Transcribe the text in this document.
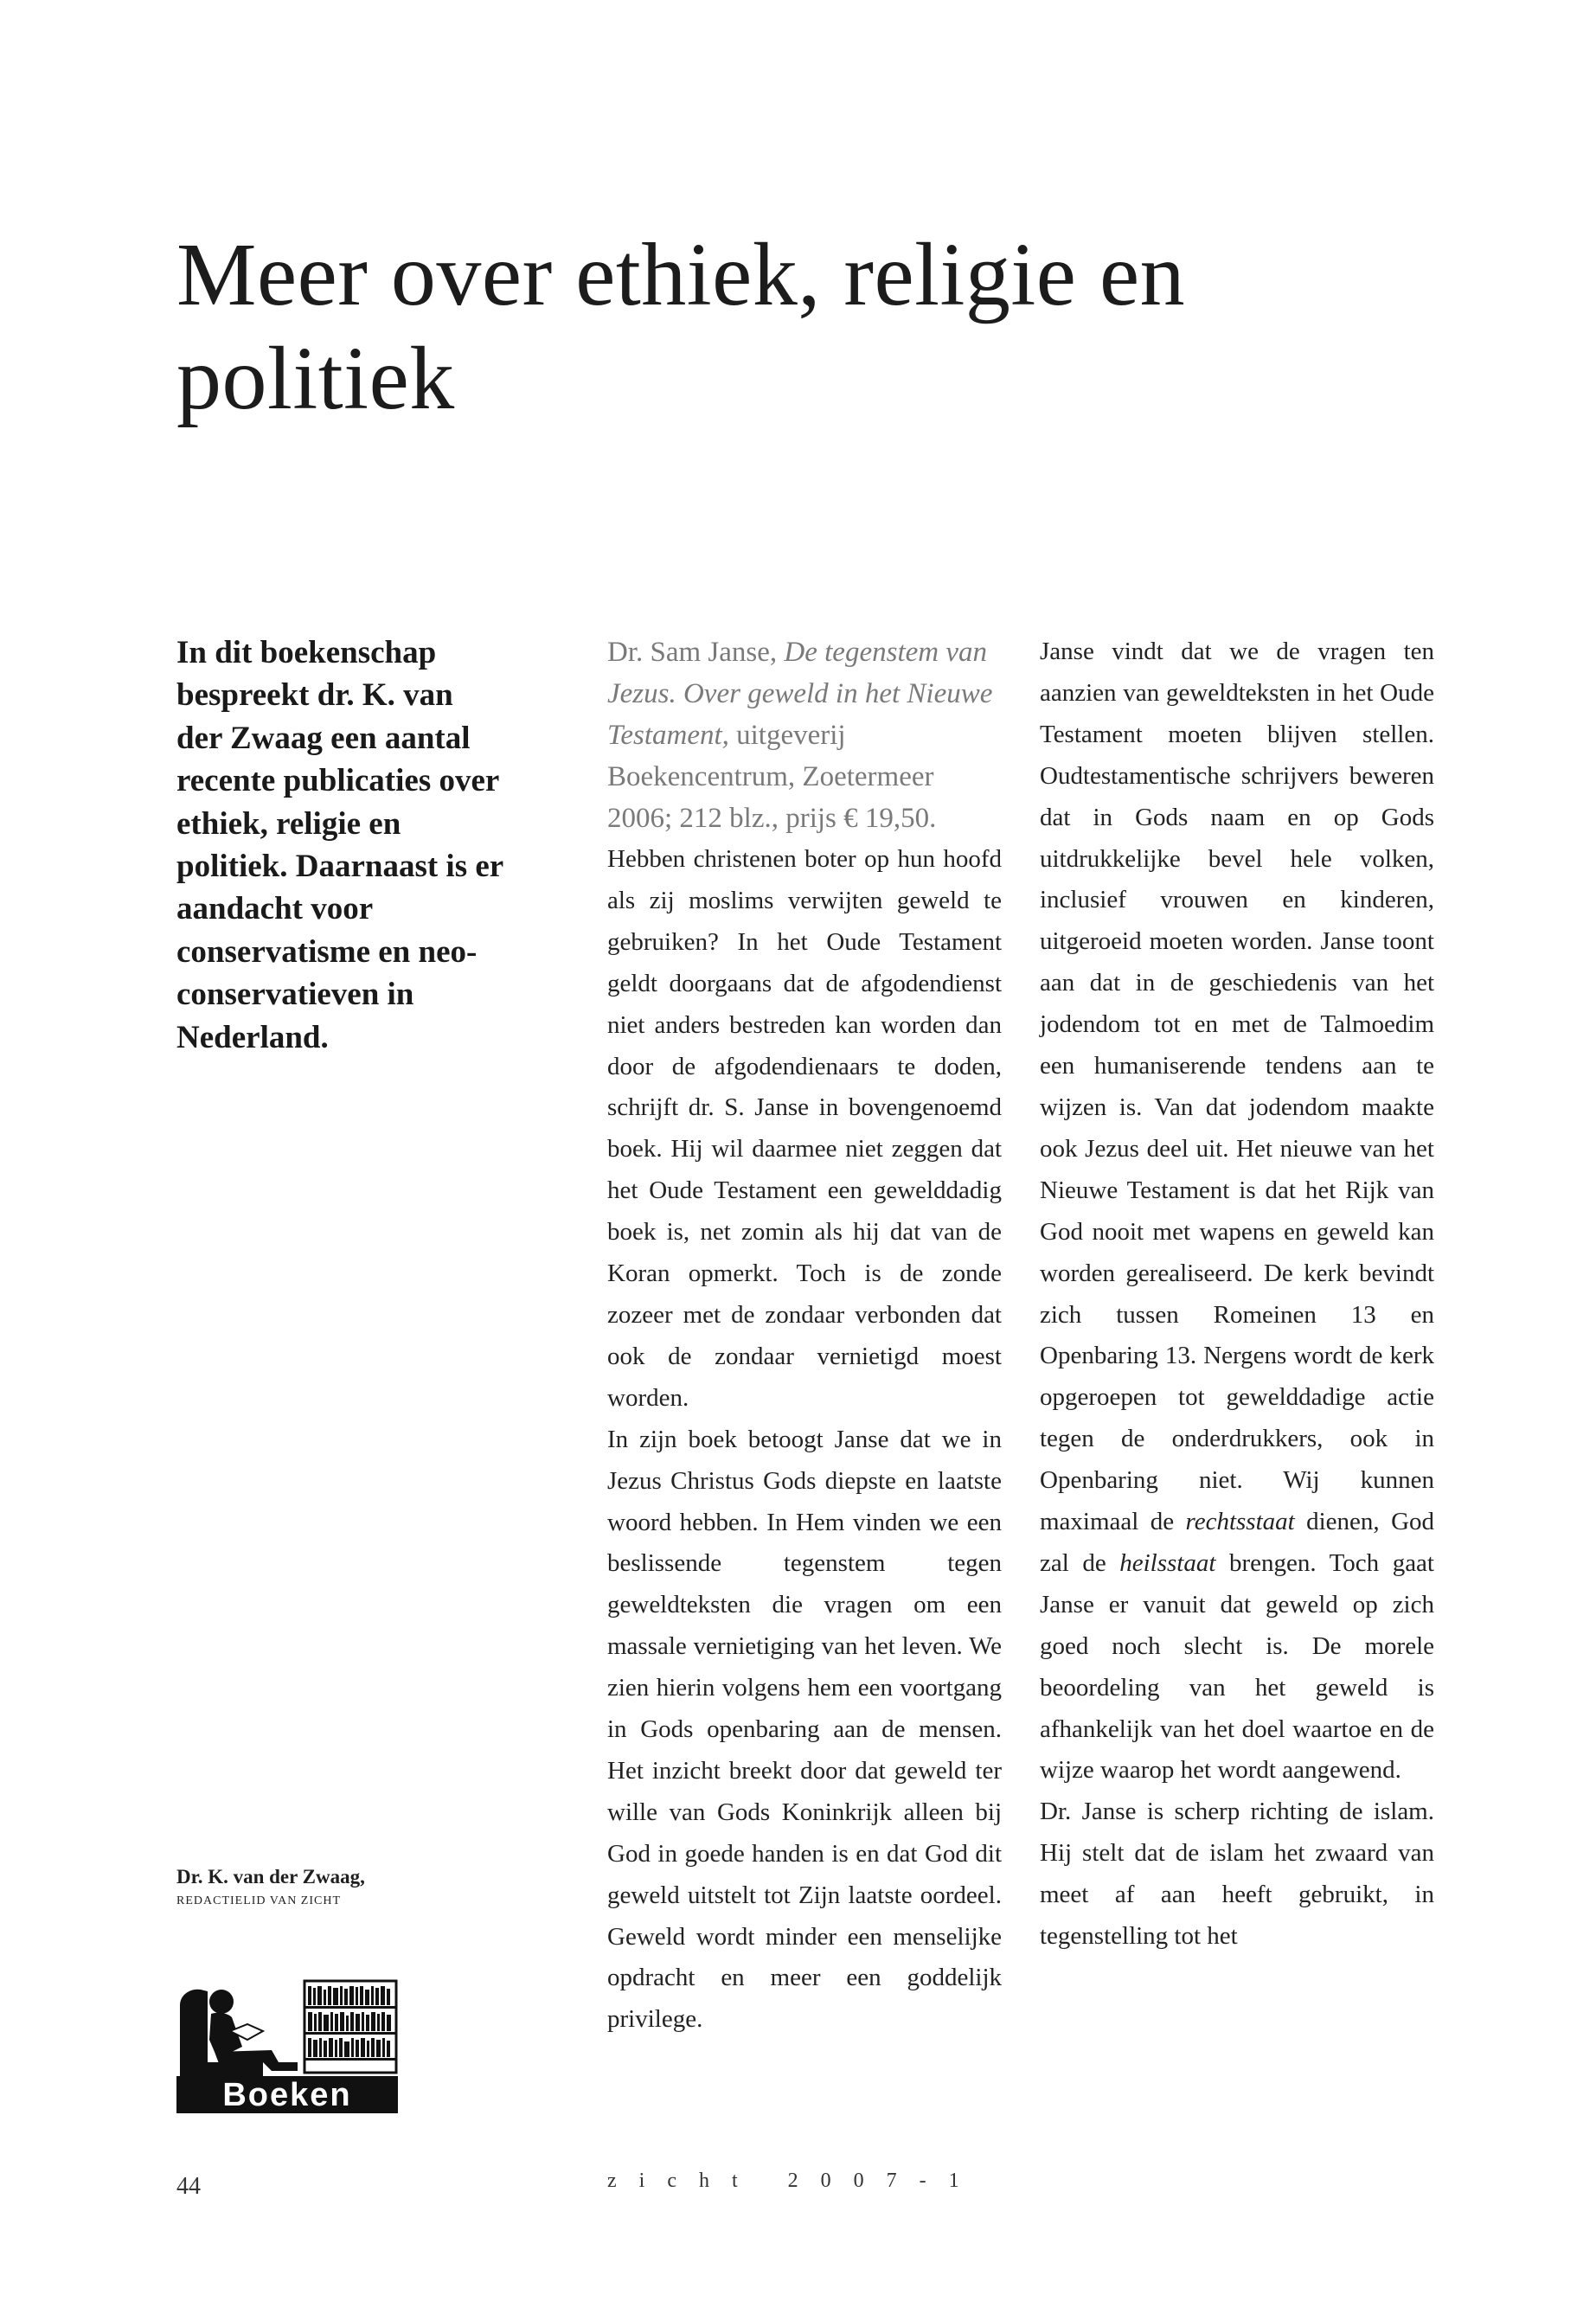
Meer over ethiek, religie en politiek
In dit boekenschap bespreekt dr. K. van der Zwaag een aantal recente publicaties over ethiek, religie en politiek. Daarnaast is er aandacht voor conservatisme en neo-conservatieven in Nederland.
Dr. K. van der Zwaag,
REDACTIELID VAN ZICHT
Boeken

Dr. Sam Janse, De tegenstem van Jezus. Over geweld in het Nieuwe Testament, uitgeverij Boekencentrum, Zoetermeer 2006; 212 blz., prijs € 19,50.

Hebben christenen boter op hun hoofd als zij moslims verwijten geweld te gebruiken? In het Oude Testament geldt doorgaans dat de afgodendienst niet anders bestreden kan worden dan door de afgodendienaars te doden, schrijft dr. S. Janse in bovengenoemd boek. Hij wil daarmee niet zeggen dat het Oude Testament een gewelddadig boek is, net zomin als hij dat van de Koran opmerkt. Toch is de zonde zozeer met de zondaar verbonden dat ook de zondaar vernietigd moest worden.

In zijn boek betoogt Janse dat we in Jezus Christus Gods diepste en laatste woord hebben. In Hem vinden we een beslissende tegenstem tegen geweldteksten die vragen om een massale vernietiging van het leven. We zien hierin volgens hem een voortgang in Gods openbaring aan de mensen. Het inzicht breekt door dat geweld ter wille van Gods Koninkrijk alleen bij God in goede handen is en dat God dit geweld uitstelt tot Zijn laatste oordeel. Geweld wordt minder een menselijke opdracht en meer een goddelijk privilege.

Janse vindt dat we de vragen ten aanzien van geweldteksten in het Oude Testament moeten blijven stellen. Oudtestamentische schrijvers beweren dat in Gods naam en op Gods uitdrukkelijke bevel hele volken, inclusief vrouwen en kinderen, uitgeroeid moeten worden. Janse toont aan dat in de geschiedenis van het jodendom tot en met de Talmoedim een humaniserende tendens aan te wijzen is. Van dat jodendom maakte ook Jezus deel uit. Het nieuwe van het Nieuwe Testament is dat het Rijk van God nooit met wapens en geweld kan worden gerealiseerd. De kerk bevindt zich tussen Romeinen 13 en Openbaring 13. Nergens wordt de kerk opgeroepen tot gewelddadige actie tegen de onderdrukkers, ook in Openbaring niet. Wij kunnen maximaal de rechtsstaat dienen, God zal de heilsstaat brengen. Toch gaat Janse er vanuit dat geweld op zich goed noch slecht is. De morele beoordeling van het geweld is afhankelijk van het doel waartoe en de wijze waarop het wordt aangewend.

Dr. Janse is scherp richting de islam. Hij stelt dat de islam het zwaard van meet af aan heeft gebruikt, in tegenstelling tot het

44	zicht 2007-1
